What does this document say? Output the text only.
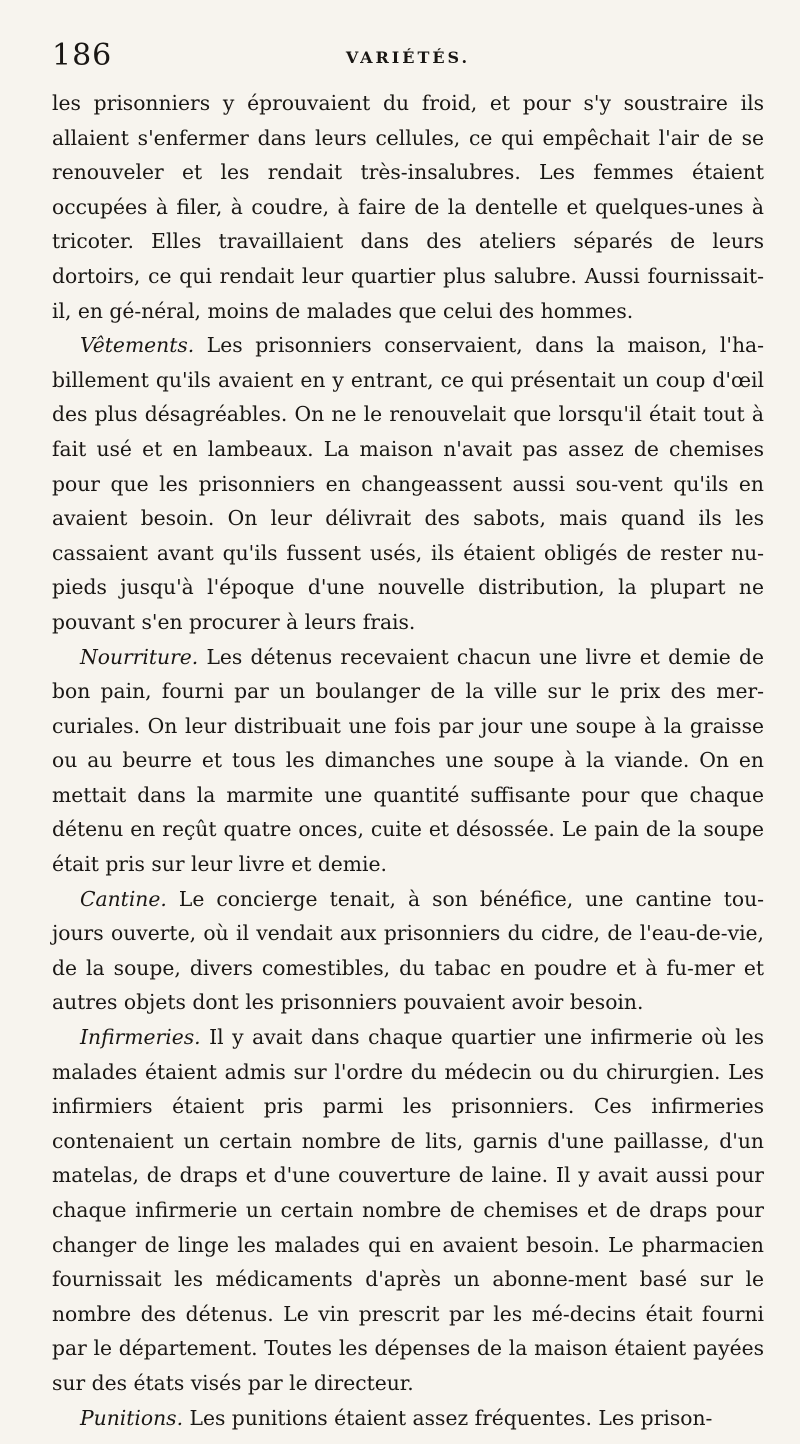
186	VARIÉTÉS.

les prisonniers y éprouvaient du froid, et pour s'y soustraire ils allaient s'enfermer dans leurs cellules, ce qui empêchait l'air de se renouveler et les rendait très-insalubres. Les femmes étaient occupées à filer, à coudre, à faire de la dentelle et quelques-unes à tricoter. Elles travaillaient dans des ateliers séparés de leurs dortoirs, ce qui rendait leur quartier plus salubre. Aussi fournissait-il, en gé-néral, moins de malades que celui des hommes.

Vêtements. Les prisonniers conservaient, dans la maison, l'ha-billement qu'ils avaient en y entrant, ce qui présentait un coup d'œil des plus désagréables. On ne le renouvelait que lorsqu'il était tout à fait usé et en lambeaux. La maison n'avait pas assez de chemises pour que les prisonniers en changeassent aussi sou-vent qu'ils en avaient besoin. On leur délivrait des sabots, mais quand ils les cassaient avant qu'ils fussent usés, ils étaient obligés de rester nu-pieds jusqu'à l'époque d'une nouvelle distribution, la plupart ne pouvant s'en procurer à leurs frais.

Nourriture. Les détenus recevaient chacun une livre et demie de bon pain, fourni par un boulanger de la ville sur le prix des mer-curiales. On leur distribuait une fois par jour une soupe à la graisse ou au beurre et tous les dimanches une soupe à la viande. On en mettait dans la marmite une quantité suffisante pour que chaque détenu en reçût quatre onces, cuite et désossée. Le pain de la soupe était pris sur leur livre et demie.

Cantine. Le concierge tenait, à son bénéfice, une cantine tou-jours ouverte, où il vendait aux prisonniers du cidre, de l'eau-de-vie, de la soupe, divers comestibles, du tabac en poudre et à fu-mer et autres objets dont les prisonniers pouvaient avoir besoin.

Infirmeries. Il y avait dans chaque quartier une infirmerie où les malades étaient admis sur l'ordre du médecin ou du chirurgien. Les infirmiers étaient pris parmi les prisonniers. Ces infirmeries contenaient un certain nombre de lits, garnis d'une paillasse, d'un matelas, de draps et d'une couverture de laine. Il y avait aussi pour chaque infirmerie un certain nombre de chemises et de draps pour changer de linge les malades qui en avaient besoin. Le pharmacien fournissait les médicaments d'après un abonne-ment basé sur le nombre des détenus. Le vin prescrit par les mé-decins était fourni par le département. Toutes les dépenses de la maison étaient payées sur des états visés par le directeur.

Punitions. Les punitions étaient assez fréquentes. Les prison-
